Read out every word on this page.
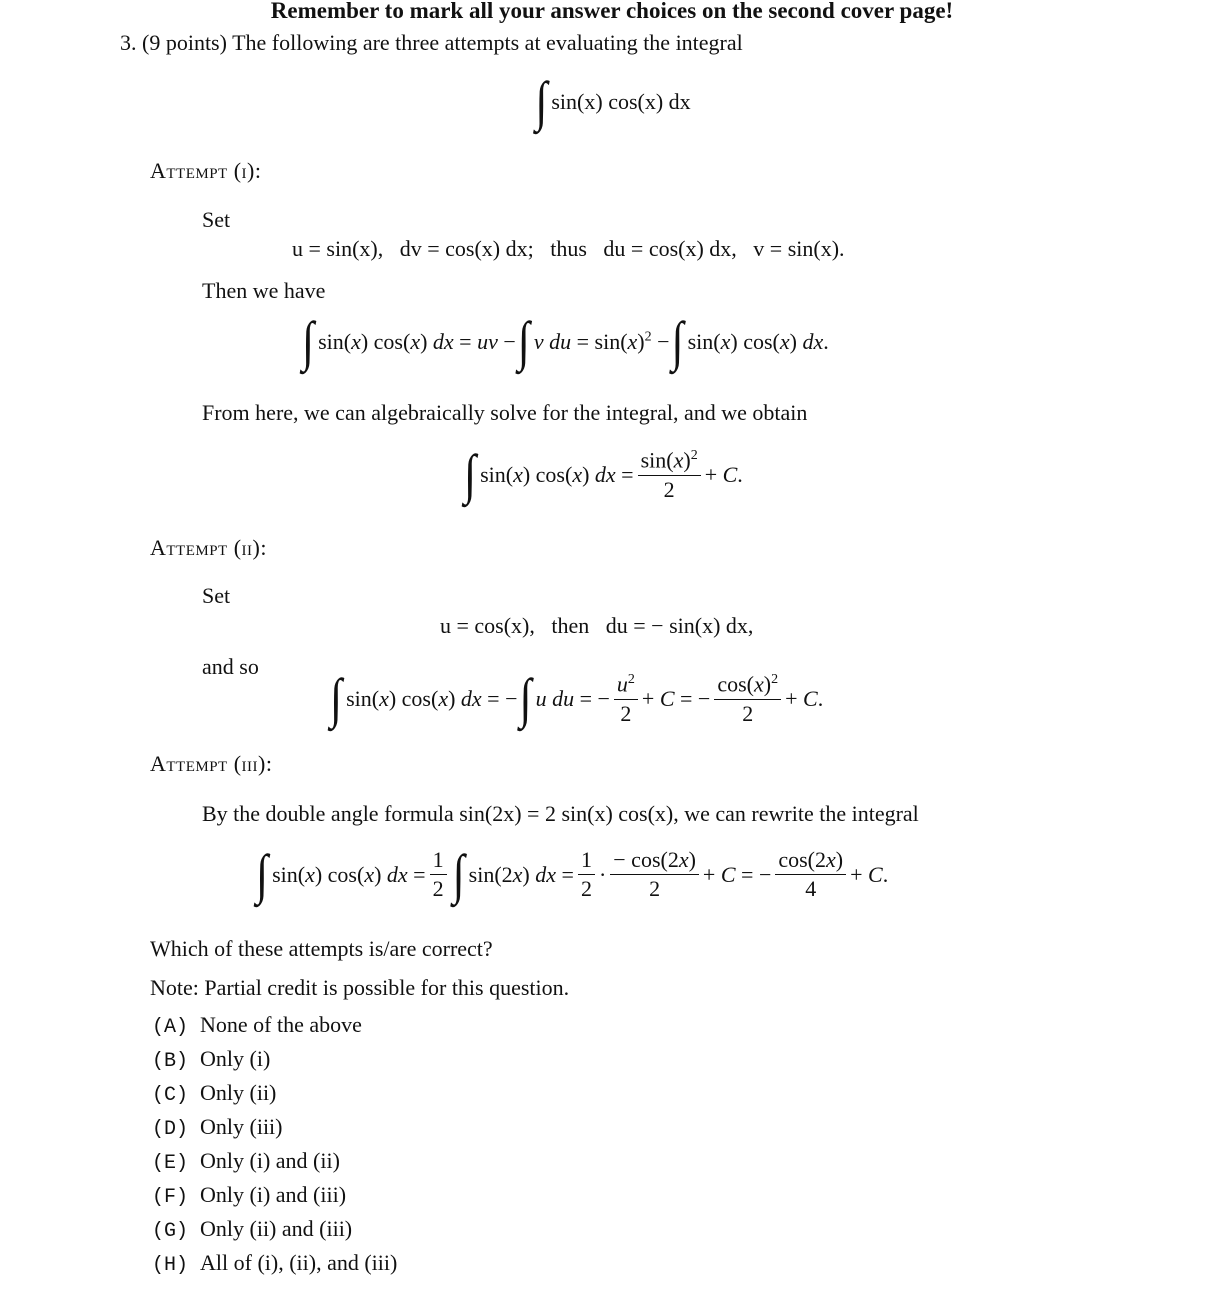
Remember to mark all your answer choices on the second cover page!
3. (9 points) The following are three attempts at evaluating the integral
∫ sin(x) cos(x) dx
Attempt (i):
Set
u = sin(x),   dv = cos(x) dx;   thus   du = cos(x) dx,   v = sin(x).
Then we have
∫ sin(x) cos(x) dx = uv − ∫ v du = $\sin(x)^2$ − ∫ sin(x) cos(x) dx.
From here, we can algebraically solve for the integral, and we obtain
∫ sin(x) cos(x) dx = $\frac{\sin(x)^2}{2} + C$.
Attempt (ii):
Set
u = cos(x),   then   du = − sin(x) dx,
and so
∫ sin(x) cos(x) dx = − ∫ u du = − $\frac{u^2}{2} + C$ = − $\frac{\cos(x)^2}{2} + C$.
Attempt (iii):
By the double angle formula sin(2x) = 2 sin(x) cos(x), we can rewrite the integral
∫ sin(x) cos(x) dx = $\frac{1}{2}$ ∫ sin(2x) dx = $\frac{1}{2} \cdot \frac{- \cos(2x)}{2} + C$ = − $\frac{\cos(2x)}{4} + C$.
Which of these attempts is/are correct?
Note: Partial credit is possible for this question.
(A) None of the above
(B) Only (i)
(C) Only (ii)
(D) Only (iii)
(E) Only (i) and (ii)
(F) Only (i) and (iii)
(G) Only (ii) and (iii)
(H) All of (i), (ii), and (iii)
